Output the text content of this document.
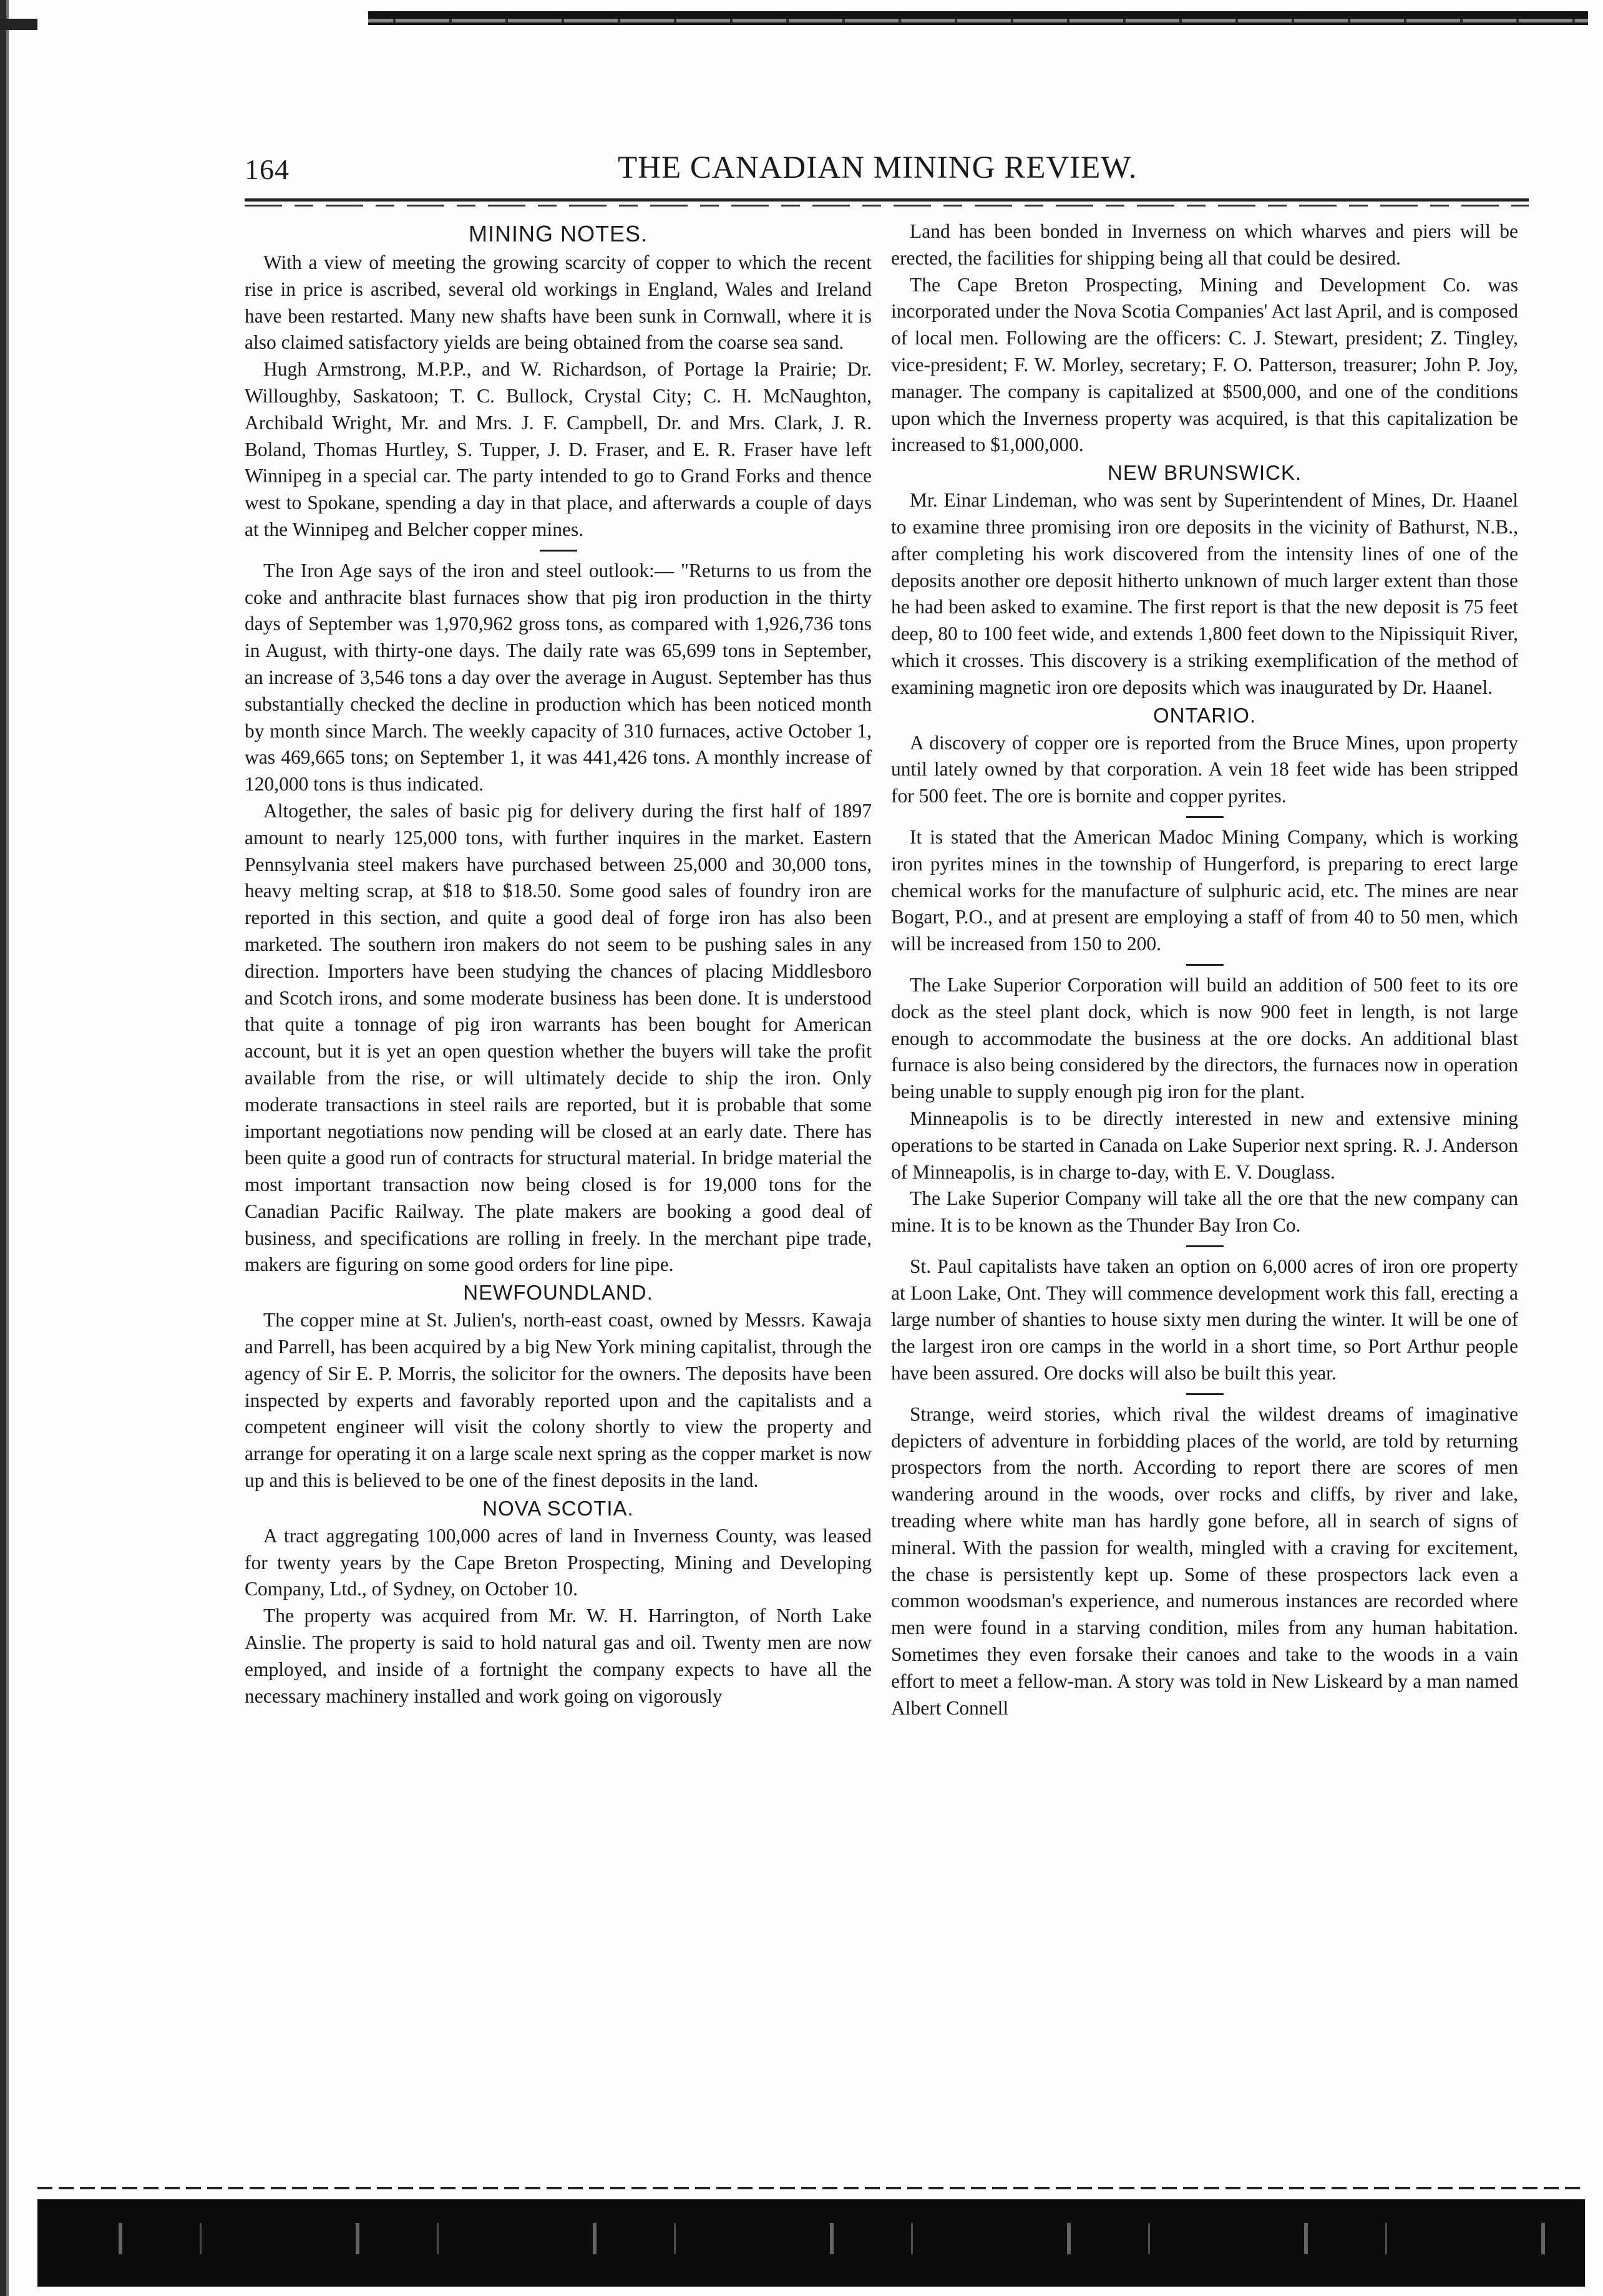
164	THE CANADIAN MINING REVIEW.
MINING NOTES.

With a view of meeting the growing scarcity of copper to which the recent rise in price is ascribed, several old workings in England, Wales and Ireland have been restarted. Many new shafts have been sunk in Cornwall, where it is also claimed satisfactory yields are being obtained from the coarse sea sand.

Hugh Armstrong, M.P.P., and W. Richardson, of Portage la Prairie; Dr. Willoughby, Saskatoon; T. C. Bullock, Crystal City; C. H. McNaughton, Archibald Wright, Mr. and Mrs. J. F. Campbell, Dr. and Mrs. Clark, J. R. Boland, Thomas Hurtley, S. Tupper, J. D. Fraser, and E. R. Fraser have left Winnipeg in a special car. The party intended to go to Grand Forks and thence west to Spokane, spending a day in that place, and afterwards a couple of days at the Winnipeg and Belcher copper mines.

The Iron Age says of the iron and steel outlook:— "Returns to us from the coke and anthracite blast furnaces show that pig iron production in the thirty days of September was 1,970,962 gross tons, as compared with 1,926,736 tons in August, with thirty-one days. The daily rate was 65,699 tons in September, an increase of 3,546 tons a day over the average in August. September has thus substantially checked the decline in production which has been noticed month by month since March. The weekly capacity of 310 furnaces, active October 1, was 469,665 tons; on September 1, it was 441,426 tons. A monthly increase of 120,000 tons is thus indicated.

Altogether, the sales of basic pig for delivery during the first half of 1897 amount to nearly 125,000 tons, with further inquires in the market. Eastern Pennsylvania steel makers have purchased between 25,000 and 30,000 tons, heavy melting scrap, at $18 to $18.50. Some good sales of foundry iron are reported in this section, and quite a good deal of forge iron has also been marketed. The southern iron makers do not seem to be pushing sales in any direction. Importers have been studying the chances of placing Middlesboro and Scotch irons, and some moderate business has been done. It is understood that quite a tonnage of pig iron warrants has been bought for American account, but it is yet an open question whether the buyers will take the profit available from the rise, or will ultimately decide to ship the iron. Only moderate transactions in steel rails are reported, but it is probable that some important negotiations now pending will be closed at an early date. There has been quite a good run of contracts for structural material. In bridge material the most important transaction now being closed is for 19,000 tons for the Canadian Pacific Railway. The plate makers are booking a good deal of business, and specifications are rolling in freely. In the merchant pipe trade, makers are figuring on some good orders for line pipe.

NEWFOUNDLAND.

The copper mine at St. Julien's, north-east coast, owned by Messrs. Kawaja and Parrell, has been acquired by a big New York mining capitalist, through the agency of Sir E. P. Morris, the solicitor for the owners. The deposits have been inspected by experts and favorably reported upon and the capitalists and a competent engineer will visit the colony shortly to view the property and arrange for operating it on a large scale next spring as the copper market is now up and this is believed to be one of the finest deposits in the land.

NOVA SCOTIA.

A tract aggregating 100,000 acres of land in Inverness County, was leased for twenty years by the Cape Breton Prospecting, Mining and Developing Company, Ltd., of Sydney, on October 10.

The property was acquired from Mr. W. H. Harrington, of North Lake Ainslie. The property is said to hold natural gas and oil. Twenty men are now employed, and inside of a fortnight the company expects to have all the necessary machinery installed and work going on vigorously

Land has been bonded in Inverness on which wharves and piers will be erected, the facilities for shipping being all that could be desired.

The Cape Breton Prospecting, Mining and Development Co. was incorporated under the Nova Scotia Companies' Act last April, and is composed of local men. Following are the officers: C. J. Stewart, president; Z. Tingley, vice-president; F. W. Morley, secretary; F. O. Patterson, treasurer; John P. Joy, manager. The company is capitalized at $500,000, and one of the conditions upon which the Inverness property was acquired, is that this capitalization be increased to $1,000,000.

NEW BRUNSWICK.

Mr. Einar Lindeman, who was sent by Superintendent of Mines, Dr. Haanel to examine three promising iron ore deposits in the vicinity of Bathurst, N.B., after completing his work discovered from the intensity lines of one of the deposits another ore deposit hitherto unknown of much larger extent than those he had been asked to examine. The first report is that the new deposit is 75 feet deep, 80 to 100 feet wide, and extends 1,800 feet down to the Nipissiquit River, which it crosses. This discovery is a striking exemplification of the method of examining magnetic iron ore deposits which was inaugurated by Dr. Haanel.

ONTARIO.

A discovery of copper ore is reported from the Bruce Mines, upon property until lately owned by that corporation. A vein 18 feet wide has been stripped for 500 feet. The ore is bornite and copper pyrites.

It is stated that the American Madoc Mining Company, which is working iron pyrites mines in the township of Hungerford, is preparing to erect large chemical works for the manufacture of sulphuric acid, etc. The mines are near Bogart, P.O., and at present are employing a staff of from 40 to 50 men, which will be increased from 150 to 200.

The Lake Superior Corporation will build an addition of 500 feet to its ore dock as the steel plant dock, which is now 900 feet in length, is not large enough to accommodate the business at the ore docks. An additional blast furnace is also being considered by the directors, the furnaces now in operation being unable to supply enough pig iron for the plant.

Minneapolis is to be directly interested in new and extensive mining operations to be started in Canada on Lake Superior next spring. R. J. Anderson of Minneapolis, is in charge to-day, with E. V. Douglass.

The Lake Superior Company will take all the ore that the new company can mine. It is to be known as the Thunder Bay Iron Co.

St. Paul capitalists have taken an option on 6,000 acres of iron ore property at Loon Lake, Ont. They will commence development work this fall, erecting a large number of shanties to house sixty men during the winter. It will be one of the largest iron ore camps in the world in a short time, so Port Arthur people have been assured. Ore docks will also be built this year.

Strange, weird stories, which rival the wildest dreams of imaginative depicters of adventure in forbidding places of the world, are told by returning prospectors from the north. According to report there are scores of men wandering around in the woods, over rocks and cliffs, by river and lake, treading where white man has hardly gone before, all in search of signs of mineral. With the passion for wealth, mingled with a craving for excitement, the chase is persistently kept up. Some of these prospectors lack even a common woodsman's experience, and numerous instances are recorded where men were found in a starving condition, miles from any human habitation. Sometimes they even forsake their canoes and take to the woods in a vain effort to meet a fellow-man. A story was told in New Liskeard by a man named Albert Connell
